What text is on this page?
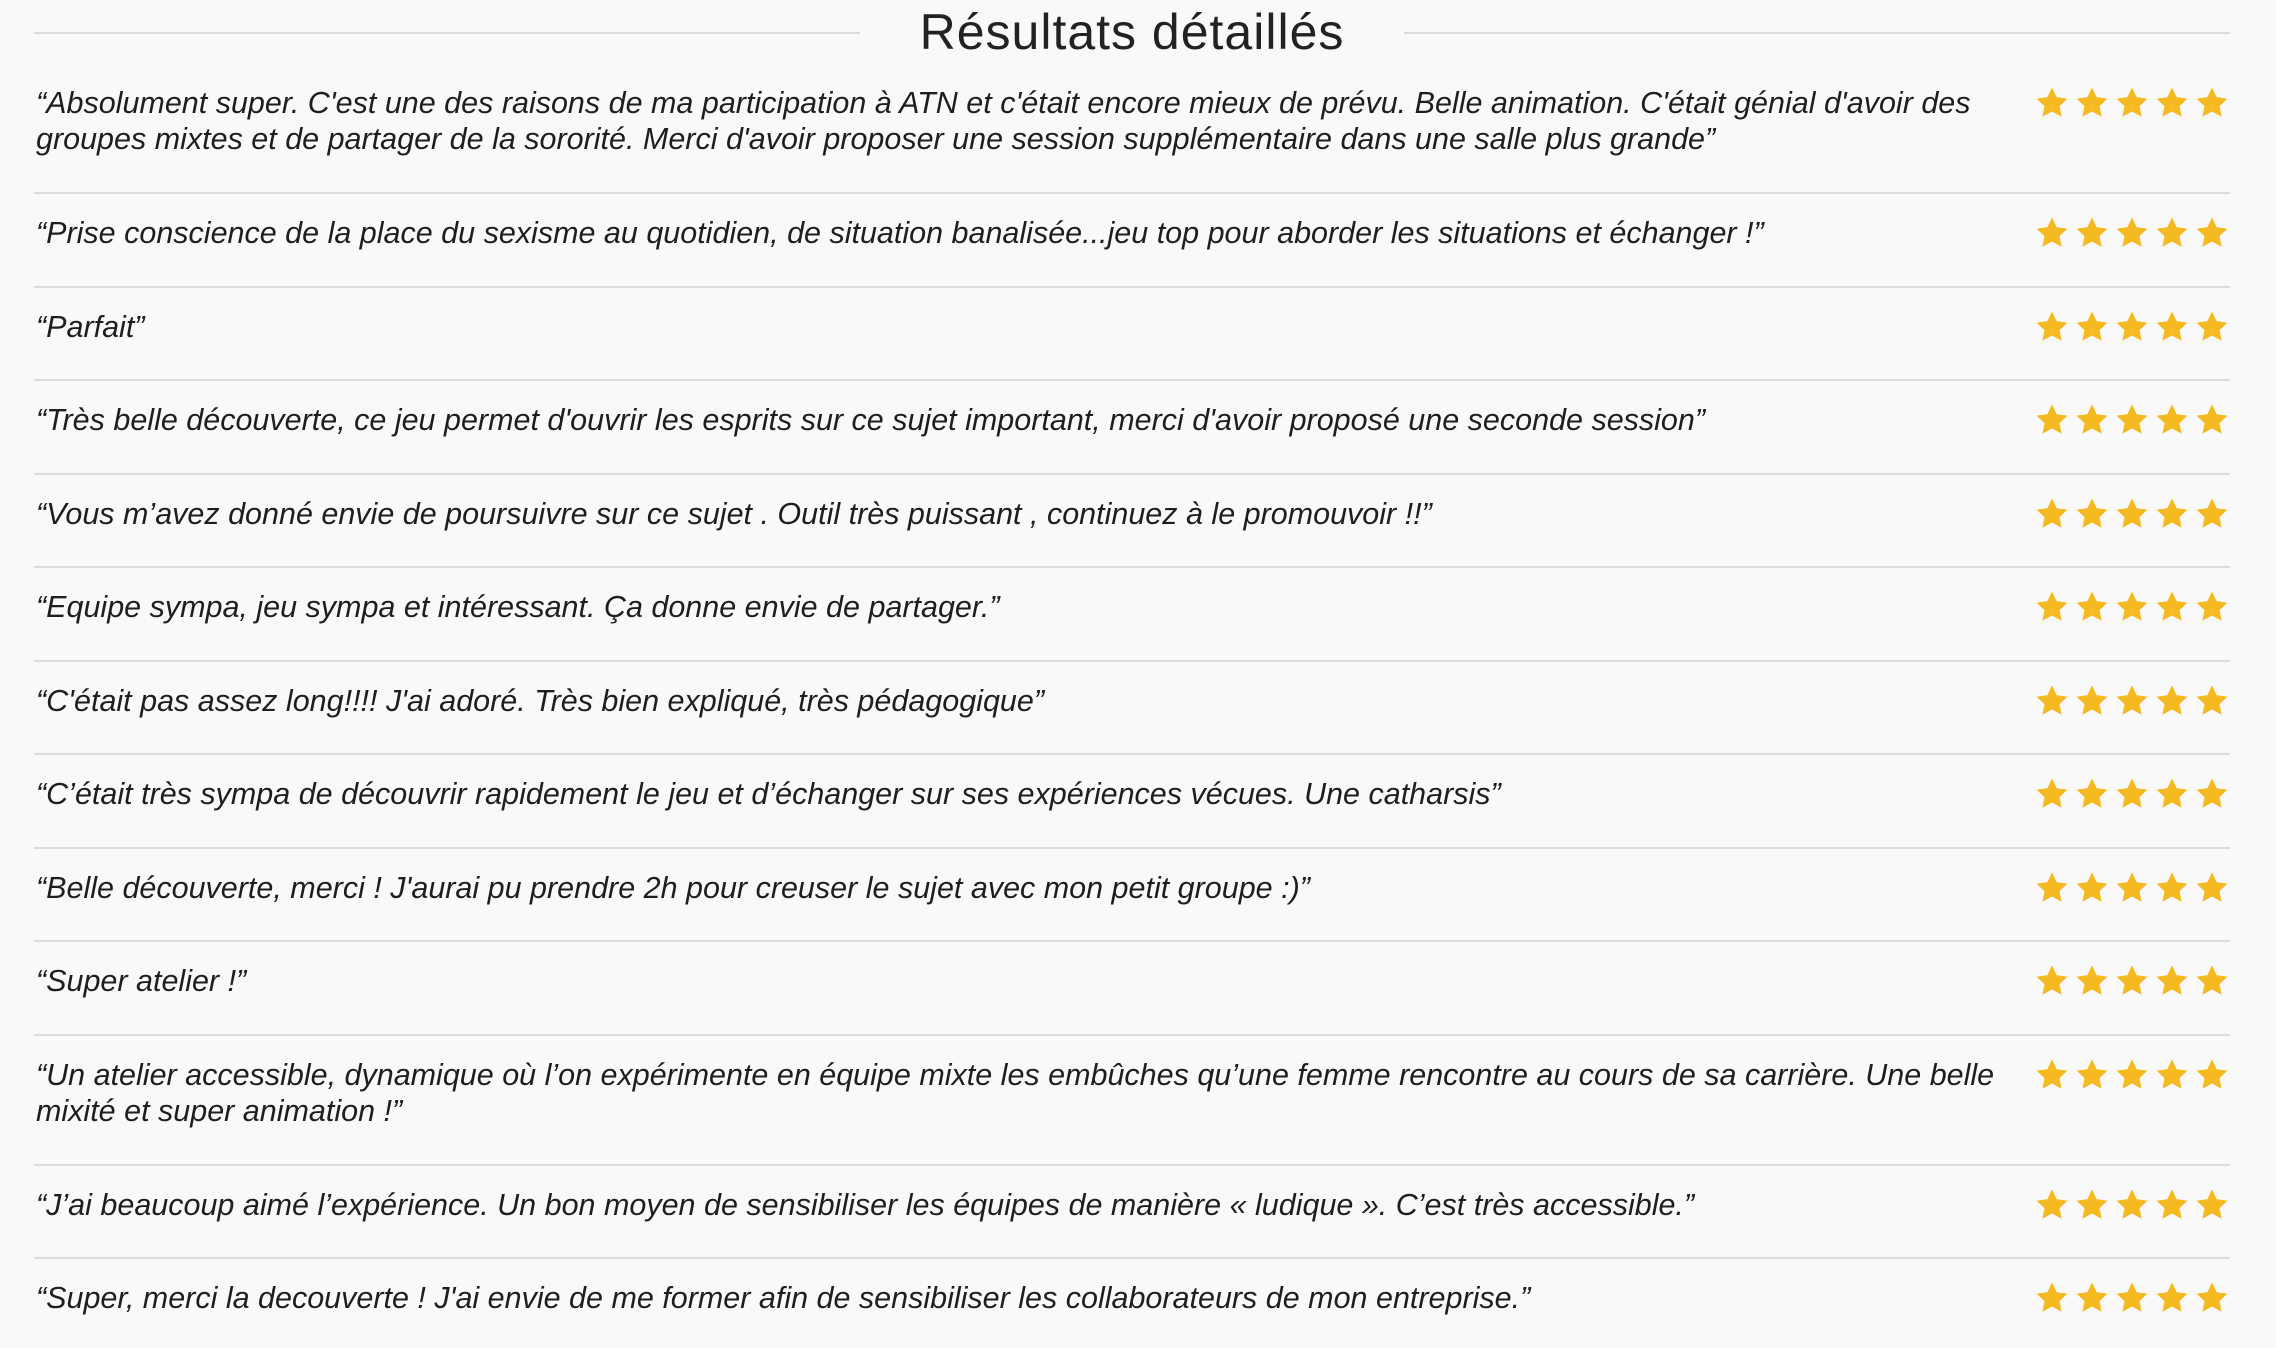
Résultats détaillés

“Absolument super. C'est une des raisons de ma participation à ATN et c'était encore mieux de prévu. Belle animation. C'était génial d'avoir des groupes mixtes et de partager de la sororité. Merci d'avoir proposer une session supplémentaire dans une salle plus grande”

“Prise conscience de la place du sexisme au quotidien, de situation banalisée...jeu top pour aborder les situations et échanger !”

“Parfait”

“Très belle découverte, ce jeu permet d'ouvrir les esprits sur ce sujet important, merci d'avoir proposé une seconde session”

“Vous m’avez donné envie de poursuivre sur ce sujet . Outil très puissant , continuez à le promouvoir !!”

“Equipe sympa, jeu sympa et intéressant. Ça donne envie de partager.”

“C'était pas assez long!!!! J'ai adoré. Très bien expliqué, très pédagogique”

“C’était très sympa de découvrir rapidement le jeu et d’échanger sur ses expériences vécues. Une catharsis”

“Belle découverte, merci ! J'aurai pu prendre 2h pour creuser le sujet avec mon petit groupe :)”

“Super atelier !”

“Un atelier accessible, dynamique où l’on expérimente en équipe mixte les embûches qu’une femme rencontre au cours de sa carrière. Une belle mixité et super animation !”

“J’ai beaucoup aimé l’expérience. Un bon moyen de sensibiliser les équipes de manière « ludique ». C’est très accessible.”

“Super, merci la decouverte ! J'ai envie de me former afin de sensibiliser les collaborateurs de mon entreprise.”
